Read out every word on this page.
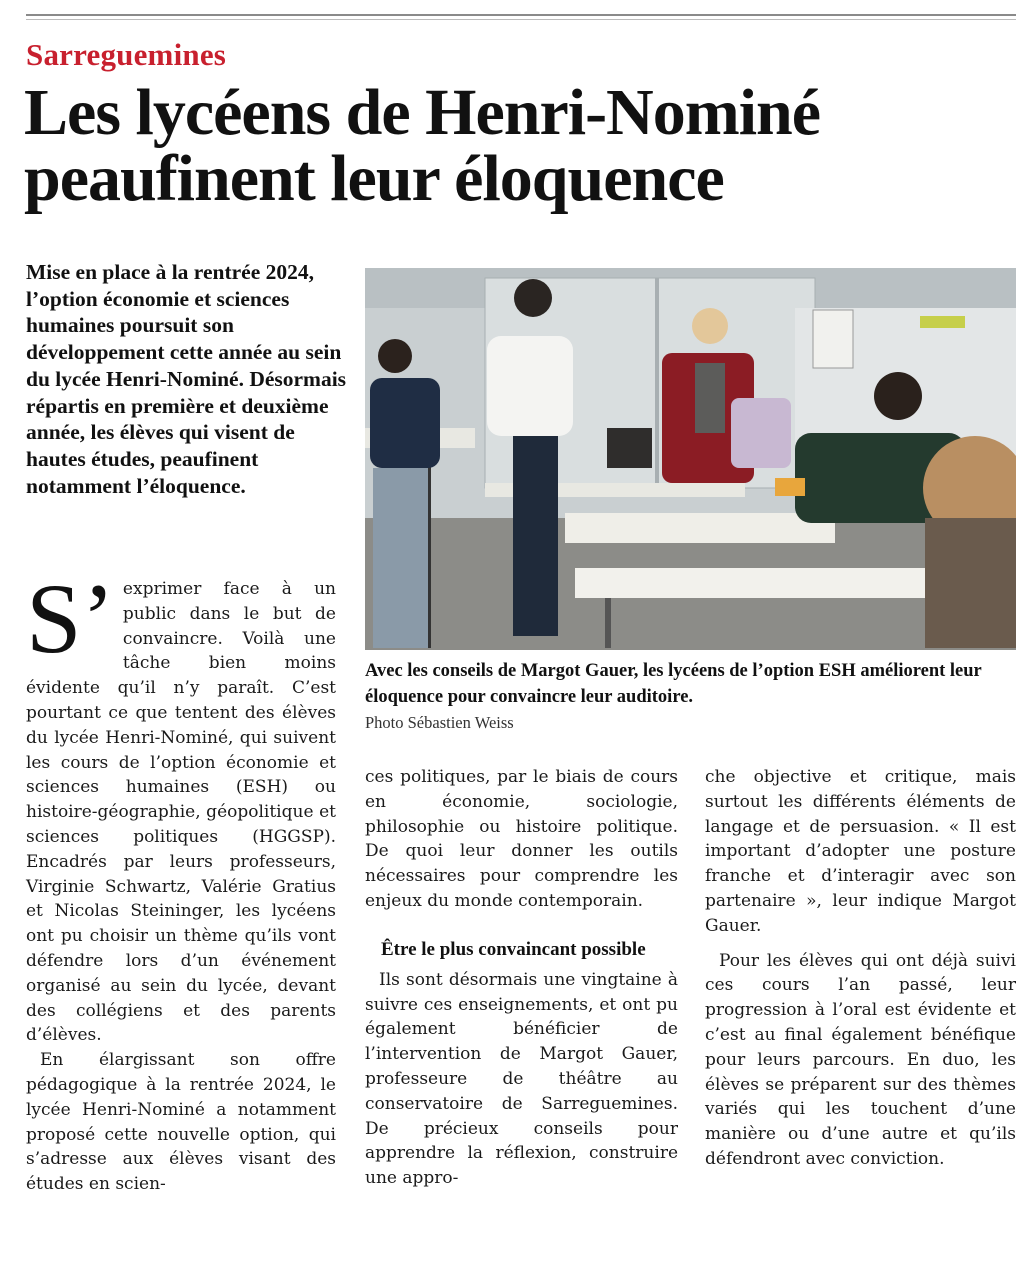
Sarreguemines
Les lycéens de Henri-Nominé peaufinent leur éloquence

Mise en place à la rentrée 2024, l’option économie et sciences humaines poursuit son développement cette année au sein du lycée Henri-Nominé. Désormais répartis en première et deuxième année, les élèves qui visent de hautes études, peaufinent notamment l’éloquence.

Avec les conseils de Margot Gauer, les lycéens de l’option ESH améliorent leur éloquence pour convaincre leur auditoire.

Photo Sébastien Weiss

S’ exprimer face à un public dans le but de convaincre. Voilà une tâche bien moins évidente qu’il n’y paraît. C’est pourtant ce que tentent des élèves du lycée Henri-Nominé, qui suivent les cours de l’option économie et sciences humaines (ESH) ou histoire-géographie, géopolitique et sciences politiques (HGGSP). Encadrés par leurs professeurs, Virginie Schwartz, Valérie Gratius et Nicolas Steininger, les lycéens ont pu choisir un thème qu’ils vont défendre lors d’un événement organisé au sein du lycée, devant des collégiens et des parents d’élèves.

En élargissant son offre pédagogique à la rentrée 2024, le lycée Henri-Nominé a notamment proposé cette nouvelle option, qui s’adresse aux élèves visant des études en scien-

ces politiques, par le biais de cours en économie, sociologie, philosophie ou histoire politique. De quoi leur donner les outils nécessaires pour comprendre les enjeux du monde contemporain.

Être le plus convaincant possible

Ils sont désormais une vingtaine à suivre ces enseignements, et ont pu également bénéficier de l’intervention de Margot Gauer, professeure de théâtre au conservatoire de Sarreguemines. De précieux conseils pour apprendre la réflexion, construire une appro-

che objective et critique, mais surtout les différents éléments de langage et de persuasion. « Il est important d’adopter une posture franche et d’interagir avec son partenaire », leur indique Margot Gauer.

Pour les élèves qui ont déjà suivi ces cours l’an passé, leur progression à l’oral est évidente et c’est au final également bénéfique pour leurs parcours. En duo, les élèves se préparent sur des thèmes variés qui les touchent d’une manière ou d’une autre et qu’ils défendront avec conviction.
